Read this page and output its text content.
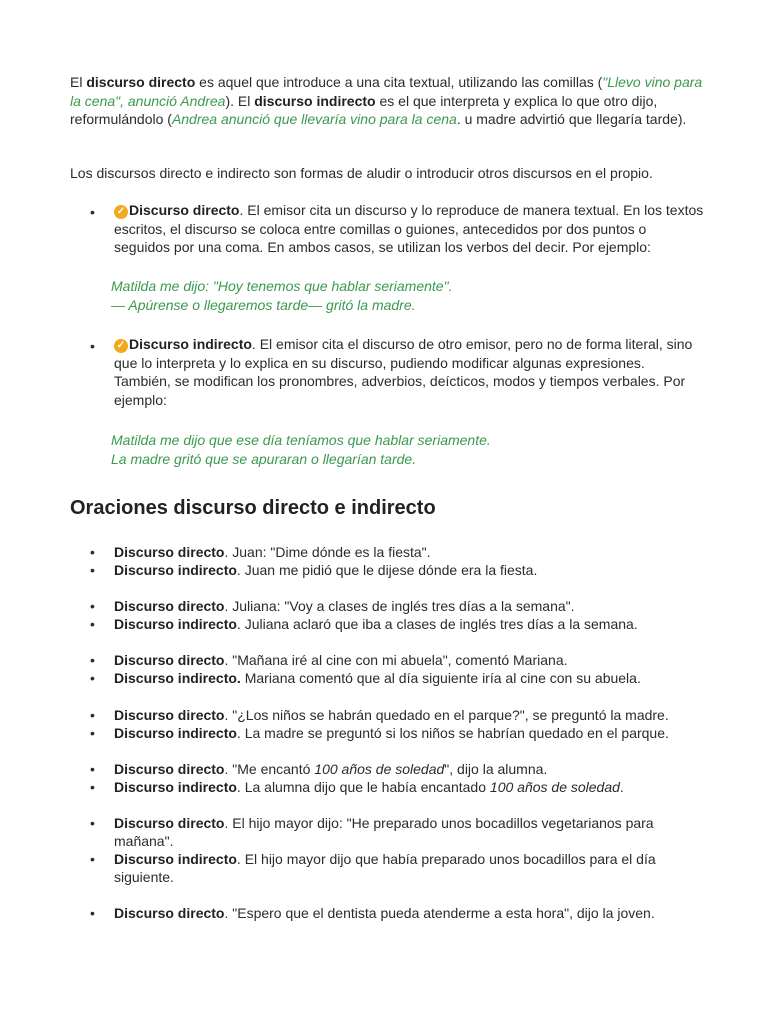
El discurso directo es aquel que introduce a una cita textual, utilizando las comillas ("Llevo vino para la cena", anunció Andrea). El discurso indirecto es el que interpreta y explica lo que otro dijo, reformulándolo (Andrea anunció que llevaría vino para la cena. u madre advirtió que llegaría tarde).

Los discursos directo e indirecto son formas de aludir o introducir otros discursos en el propio.

•

✓ Discurso directo. El emisor cita un discurso y lo reproduce de manera textual. En los textos escritos, el discurso se coloca entre comillas o guiones, antecedidos por dos puntos o seguidos por una coma. En ambos casos, se utilizan los verbos del decir. Por ejemplo:

Matilda me dijo: "Hoy tenemos que hablar seriamente".
— Apúrense o llegaremos tarde— gritó la madre.

•

✓ Discurso indirecto. El emisor cita el discurso de otro emisor, pero no de forma literal, sino que lo interpreta y lo explica en su discurso, pudiendo modificar algunas expresiones. También, se modifican los pronombres, adverbios, deícticos, modos y tiempos verbales. Por ejemplo:

Matilda me dijo que ese día teníamos que hablar seriamente.
La madre gritó que se apuraran o llegarían tarde.

Oraciones discurso directo e indirecto
• Discurso directo. Juan: "Dime dónde es la fiesta".
• Discurso indirecto. Juan me pidió que le dijese dónde era la fiesta.
• Discurso directo. Juliana: "Voy a clases de inglés tres días a la semana".
• Discurso indirecto. Juliana aclaró que iba a clases de inglés tres días a la semana.
• Discurso directo. "Mañana iré al cine con mi abuela", comentó Mariana.
• Discurso indirecto. Mariana comentó que al día siguiente iría al cine con su abuela.
• Discurso directo. "¿Los niños se habrán quedado en el parque?", se preguntó la madre.
• Discurso indirecto. La madre se preguntó si los niños se habrían quedado en el parque.
• Discurso directo. "Me encantó 100 años de soledad", dijo la alumna.
• Discurso indirecto. La alumna dijo que le había encantado 100 años de soledad.
• Discurso directo. El hijo mayor dijo: "He preparado unos bocadillos vegetarianos para mañana".
• Discurso indirecto. El hijo mayor dijo que había preparado unos bocadillos para el día siguiente.
• Discurso directo. "Espero que el dentista pueda atenderme a esta hora", dijo la joven.
